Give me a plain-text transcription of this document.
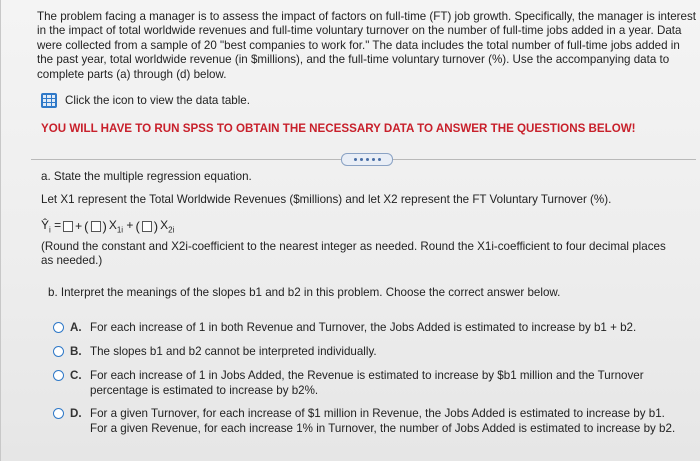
The problem facing a manager is to assess the impact of factors on full-time (FT) job growth. Specifically, the manager is interest in the impact of total worldwide revenues and full-time voluntary turnover on the number of full-time jobs added in a year. Data were collected from a sample of 20 "best companies to work for." The data includes the total number of full-time jobs added in the past year, total worldwide revenue (in $millions), and the full-time voluntary turnover (%). Use the accompanying data to complete parts (a) through (d) below.
Click the icon to view the data table.
YOU WILL HAVE TO RUN SPSS TO OBTAIN THE NECESSARY DATA TO ANSWER THE QUESTIONS BELOW!
a. State the multiple regression equation.
Let X1 represent the Total Worldwide Revenues ($millions) and let X2 represent the FT Voluntary Turnover (%).
$Ŷ_i$ = + ( ) $X_{1i}$ + ( ) $X_{2i}$
(Round the constant and X2i-coefficient to the nearest integer as needed. Round the X1i-coefficient to four decimal places as needed.)
b. Interpret the meanings of the slopes b1 and b2 in this problem. Choose the correct answer below.
A. For each increase of 1 in both Revenue and Turnover, the Jobs Added is estimated to increase by b1 + b2.
B. The slopes b1 and b2 cannot be interpreted individually.
C. For each increase of 1 in Jobs Added, the Revenue is estimated to increase by $b1 million and the Turnover percentage is estimated to increase by b2%.
D. For a given Turnover, for each increase of $1 million in Revenue, the Jobs Added is estimated to increase by b1. For a given Revenue, for each increase 1% in Turnover, the number of Jobs Added is estimated to increase by b2.
